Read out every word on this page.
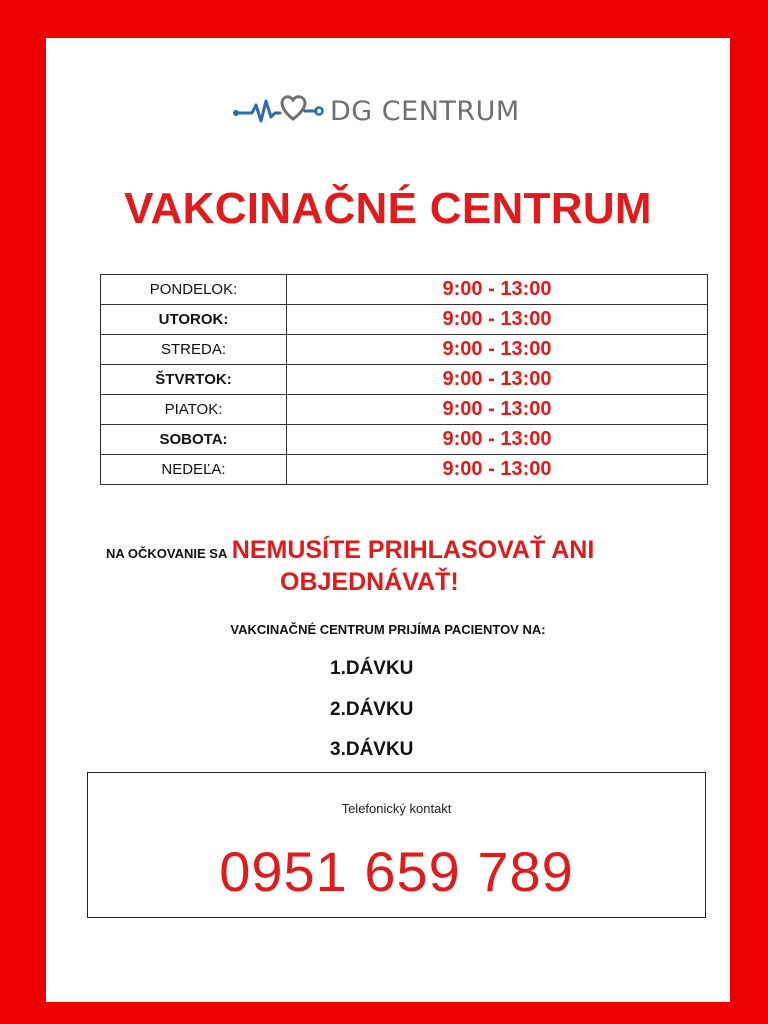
DG CENTRUM
VAKCINAČNÉ CENTRUM
PONDELOK:	9:00 - 13:00
UTOROK:	9:00 - 13:00
STREDA:	9:00 - 13:00
ŠTVRTOK:	9:00 - 13:00
PIATOK:	9:00 - 13:00
SOBOTA:	9:00 - 13:00
NEDEĽA:	9:00 - 13:00
NA OČKOVANIE SA NEMUSÍTE PRIHLASOVAŤ ANI
OBJEDNÁVAŤ!
VAKCINAČNÉ CENTRUM PRIJÍMA PACIENTOV NA:
1.DÁVKU
2.DÁVKU
3.DÁVKU
Telefonický kontakt
0951 659 789
